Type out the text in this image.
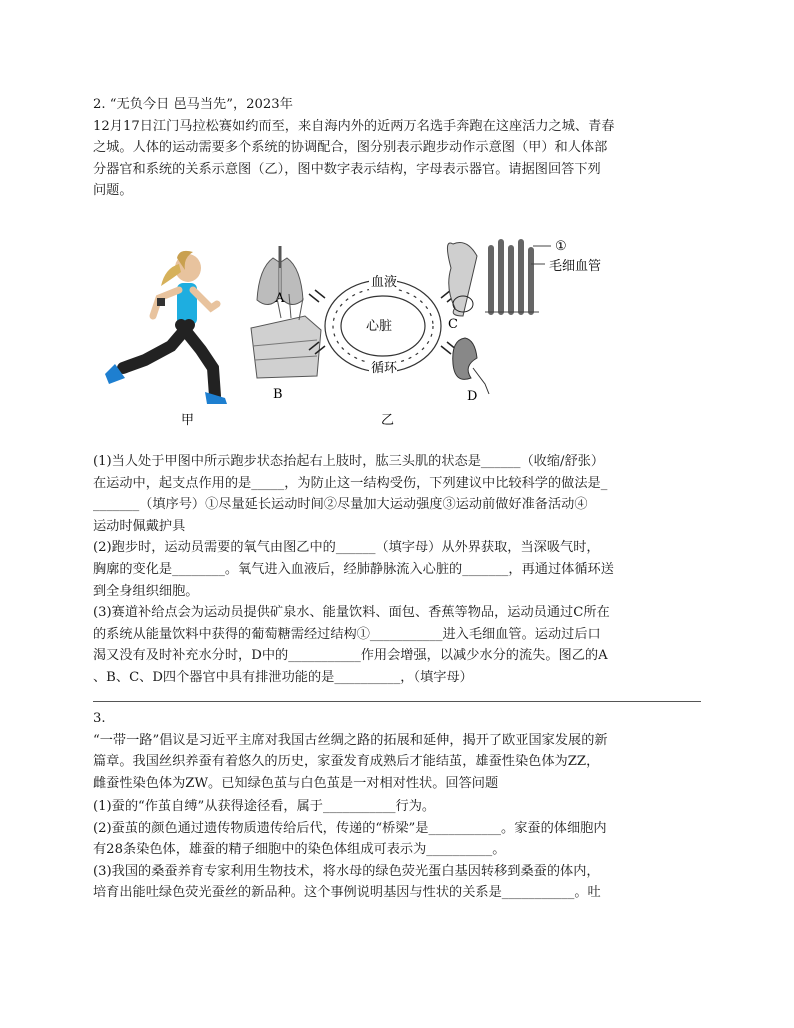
2. “无负今日 邑马当先”，2023年
12月17日江门马拉松赛如约而至，来自海内外的近两万名选手奔跑在这座活力之城、青春
之城。人体的运动需要多个系统的协调配合，图分别表示跑步动作示意图（甲）和人体部
分器官和系统的关系示意图（乙），图中数字表示结构，字母表示器官。请据图回答下列
问题。
甲
A
B
血液
心脏
循环
乙
C
①
毛细血管
D
(1)当人处于甲图中所示跑步状态抬起右上肢时，肱三头肌的状态是______（收缩/舒张）
在运动中，起支点作用的是_____，为防止这一结构受伤，下列建议中比较科学的做法是_
_______（填序号）①尽量延长运动时间②尽量加大运动强度③运动前做好准备活动④
运动时佩戴护具
(2)跑步时，运动员需要的氧气由图乙中的______（填字母）从外界获取，当深吸气时，
胸廓的变化是________。氧气进入血液后，经肺静脉流入心脏的_______，再通过体循环送
到全身组织细胞。
(3)赛道补给点会为运动员提供矿泉水、能量饮料、面包、香蕉等物品，运动员通过C所在
的系统从能量饮料中获得的葡萄糖需经过结构①___________进入毛细血管。运动过后口
渴又没有及时补充水分时，D中的___________作用会增强，以减少水分的流失。图乙的A
、B、C、D四个器官中具有排泄功能的是__________，（填字母）
3.
“一带一路”倡议是习近平主席对我国古丝绸之路的拓展和延伸，揭开了欧亚国家发展的新
篇章。我国丝织养蚕有着悠久的历史，家蚕发育成熟后才能结茧，雄蚕性染色体为ZZ，
雌蚕性染色体为ZW。已知绿色茧与白色茧是一对相对性状。回答问题
(1)蚕的“作茧自缚”从获得途径看，属于___________行为。
(2)蚕茧的颜色通过遗传物质遗传给后代，传递的“桥梁”是___________。家蚕的体细胞内
有28条染色体，雄蚕的精子细胞中的染色体组成可表示为__________。
(3)我国的桑蚕养育专家利用生物技术，将水母的绿色荧光蛋白基因转移到桑蚕的体内，
培育出能吐绿色荧光蚕丝的新品种。这个事例说明基因与性状的关系是___________。吐
